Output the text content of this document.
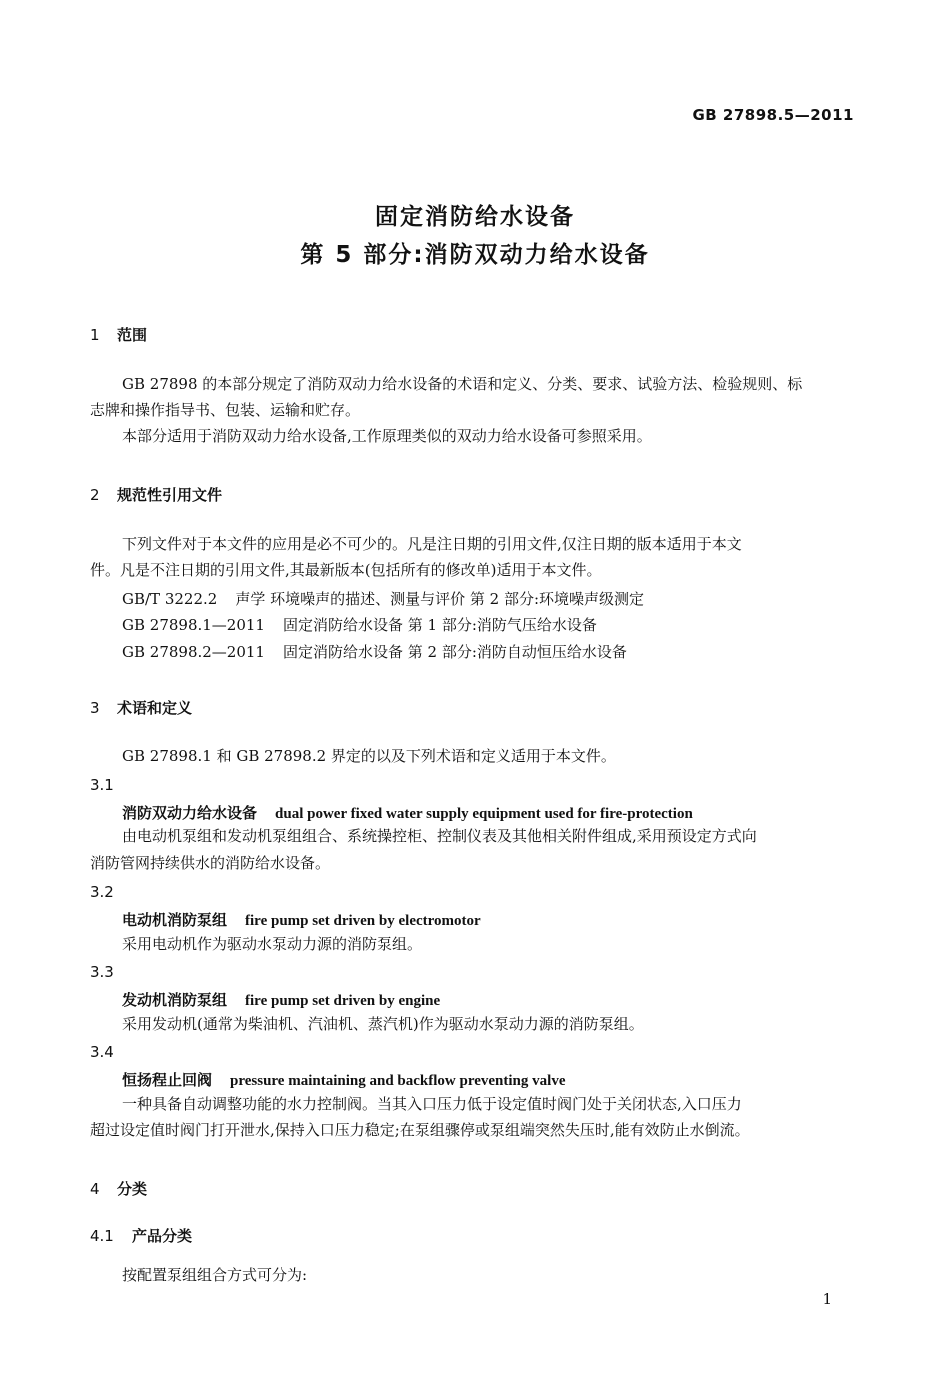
GB 27898.5—2011
固定消防给水设备
第 5 部分:消防双动力给水设备
1 范围
GB 27898 的本部分规定了消防双动力给水设备的术语和定义、分类、要求、试验方法、检验规则、标
志牌和操作指导书、包装、运输和贮存。
本部分适用于消防双动力给水设备,工作原理类似的双动力给水设备可参照采用。
2 规范性引用文件
下列文件对于本文件的应用是必不可少的。凡是注日期的引用文件,仅注日期的版本适用于本文
件。凡是不注日期的引用文件,其最新版本(包括所有的修改单)适用于本文件。
GB/T 3222.2 声学 环境噪声的描述、测量与评价 第 2 部分:环境噪声级测定
GB 27898.1—2011 固定消防给水设备 第 1 部分:消防气压给水设备
GB 27898.2—2011 固定消防给水设备 第 2 部分:消防自动恒压给水设备
3 术语和定义
GB 27898.1 和 GB 27898.2 界定的以及下列术语和定义适用于本文件。
3.1
消防双动力给水设备 dual power fixed water supply equipment used for fire-protection
由电动机泵组和发动机泵组组合、系统操控柜、控制仪表及其他相关附件组成,采用预设定方式向
消防管网持续供水的消防给水设备。
3.2
电动机消防泵组 fire pump set driven by electromotor
采用电动机作为驱动水泵动力源的消防泵组。
3.3
发动机消防泵组 fire pump set driven by engine
采用发动机(通常为柴油机、汽油机、蒸汽机)作为驱动水泵动力源的消防泵组。
3.4
恒扬程止回阀 pressure maintaining and backflow preventing valve
一种具备自动调整功能的水力控制阀。当其入口压力低于设定值时阀门处于关闭状态,入口压力
超过设定值时阀门打开泄水,保持入口压力稳定;在泵组骤停或泵组端突然失压时,能有效防止水倒流。
4 分类
4.1 产品分类
按配置泵组组合方式可分为:
1
